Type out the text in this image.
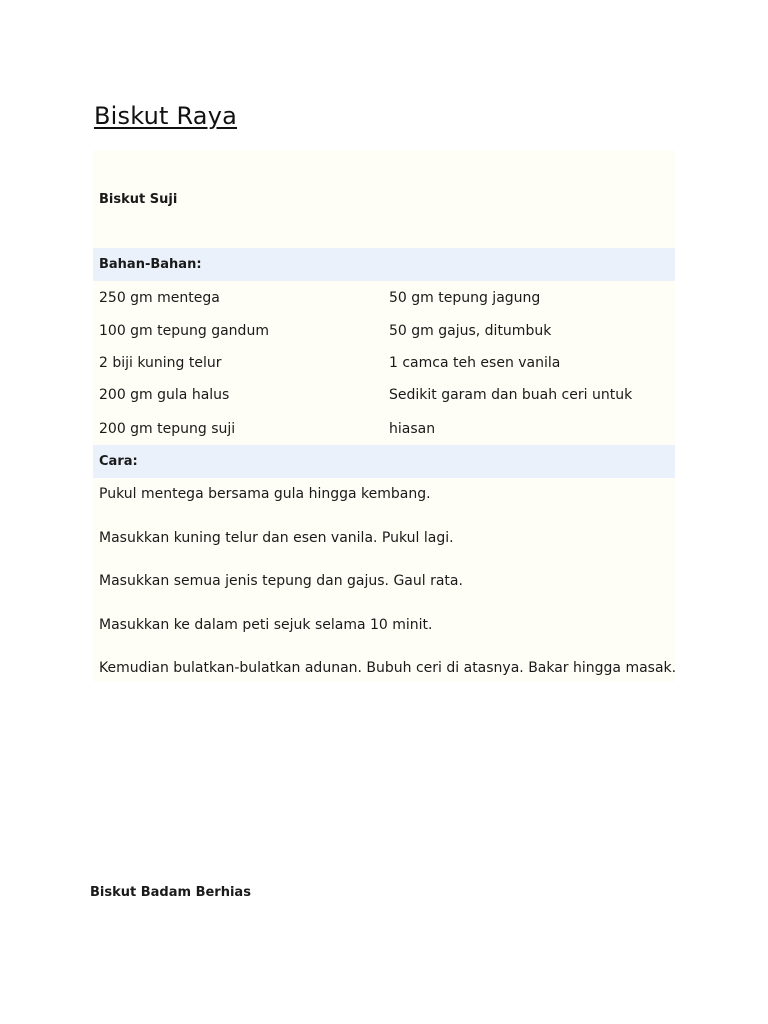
Biskut Raya
Biskut Suji
Bahan-Bahan:
250 gm mentega
100 gm tepung gandum
2 biji kuning telur
200 gm gula halus
200 gm tepung suji
50 gm tepung jagung
50 gm gajus, ditumbuk
1 camca teh esen vanila
Sedikit garam dan buah ceri untuk
hiasan
Cara:
Pukul mentega bersama gula hingga kembang.
Masukkan kuning telur dan esen vanila. Pukul lagi.
Masukkan semua jenis tepung dan gajus. Gaul rata.
Masukkan ke dalam peti sejuk selama 10 minit.
Kemudian bulatkan-bulatkan adunan. Bubuh ceri di atasnya. Bakar hingga masak.
Biskut Badam Berhias
